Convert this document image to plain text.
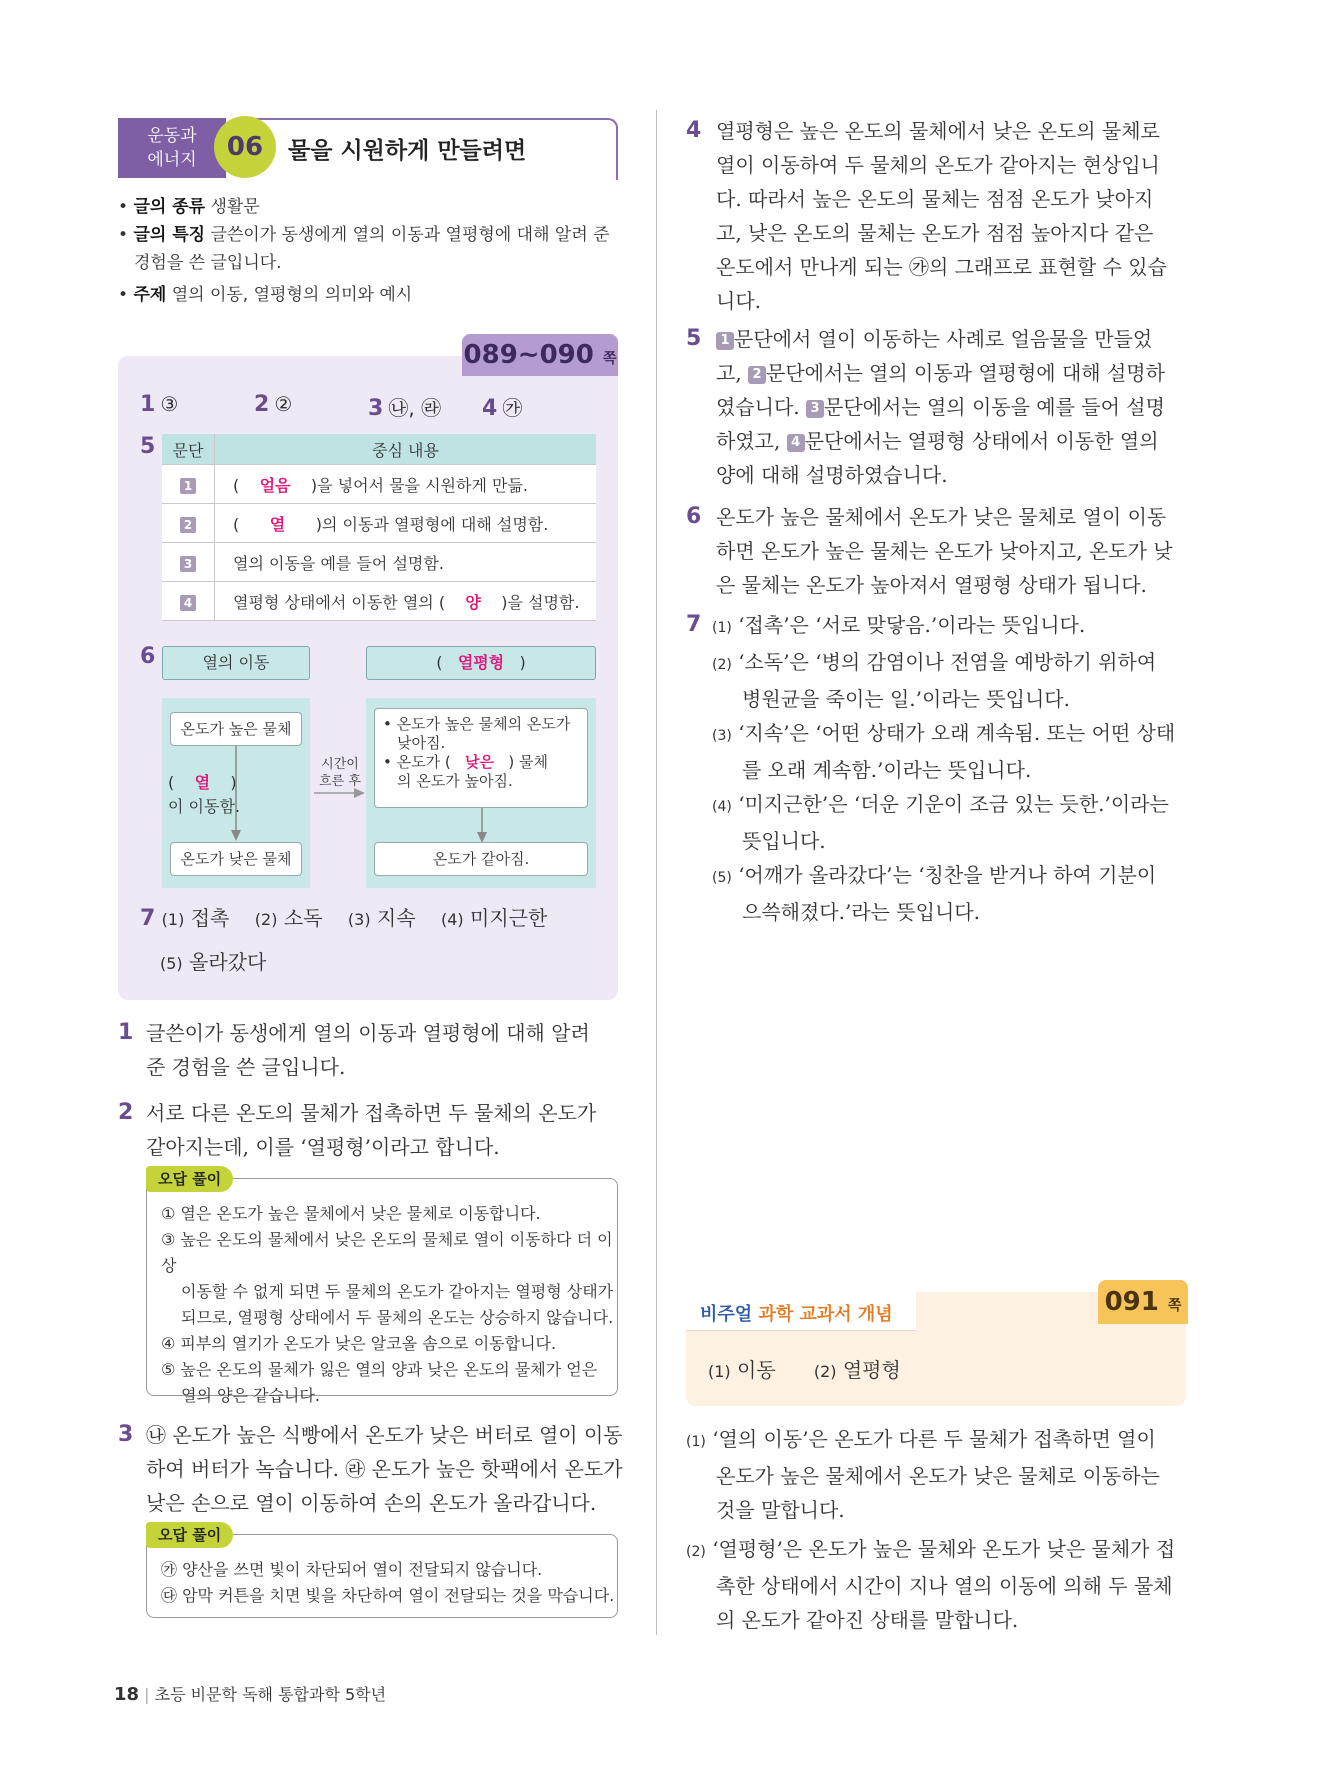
운동과
에너지	06	물을 시원하게 만들려면
• 글의 종류 생활문
• 글의 특징 글쓴이가 동생에게 열의 이동과 열평형에 대해 알려 준
경험을 쓴 글입니다.
• 주제 열의 이동, 열평형의 의미와 예시
089~090 쪽
1 ③	2 ②	3 ㉯, ㉱ 4 ㉮
5 문단	중심 내용
1	( 얼음 )을 넣어서 물을 시원하게 만듦.
2	( 열 )의 이동과 열평형에 대해 설명함.
3	열의 이동을 예를 들어 설명함.
4	열평형 상태에서 이동한 열의 ( 양 )을 설명함.
6	열의 이동	( 열평형 )
온도가 높은 물체
( 열 )
이 이동함.
온도가 낮은 물체
시간이
흐른 후
• 온도가 높은 물체의 온도가
낮아짐.
• 온도가 ( 낮은 ) 물체
의 온도가 높아짐.
온도가 같아짐.
7 (1) 접촉 (2) 소독 (3) 지속 (4) 미지근한
(5) 올라갔다
1 글쓴이가 동생에게 열의 이동과 열평형에 대해 알려
준 경험을 쓴 글입니다.
2 서로 다른 온도의 물체가 접촉하면 두 물체의 온도가
같아지는데, 이를 ‘열평형’이라고 합니다.
① 열은 온도가 높은 물체에서 낮은 물체로 이동합니다.
③ 높은 온도의 물체에서 낮은 온도의 물체로 열이 이동하다 더 이상
이동할 수 없게 되면 두 물체의 온도가 같아지는 열평형 상태가
되므로, 열평형 상태에서 두 물체의 온도는 상승하지 않습니다.
④ 피부의 열기가 온도가 낮은 알코올 솜으로 이동합니다.
⑤ 높은 온도의 물체가 잃은 열의 양과 낮은 온도의 물체가 얻은
열의 양은 같습니다.
오답 풀이
3 ㉯ 온도가 높은 식빵에서 온도가 낮은 버터로 열이 이동
하여 버터가 녹습니다. ㉱ 온도가 높은 핫팩에서 온도가
낮은 손으로 열이 이동하여 손의 온도가 올라갑니다.
㉮ 양산을 쓰면 빛이 차단되어 열이 전달되지 않습니다.
㉰ 암막 커튼을 치면 빛을 차단하여 열이 전달되는 것을 막습니다.
오답 풀이
4 열평형은 높은 온도의 물체에서 낮은 온도의 물체로
열이 이동하여 두 물체의 온도가 같아지는 현상입니
다. 따라서 높은 온도의 물체는 점점 온도가 낮아지
고, 낮은 온도의 물체는 온도가 점점 높아지다 같은
온도에서 만나게 되는 ㉮의 그래프로 표현할 수 있습
니다.
5	1 문단에서 열이 이동하는 사례로 얼음물을 만들었
고, 2 문단에서는 열의 이동과 열평형에 대해 설명하
였습니다. 3 문단에서는 열의 이동을 예를 들어 설명
하였고, 4 문단에서는 열평형 상태에서 이동한 열의
양에 대해 설명하였습니다.
6 온도가 높은 물체에서 온도가 낮은 물체로 열이 이동
하면 온도가 높은 물체는 온도가 낮아지고, 온도가 낮
은 물체는 온도가 높아져서 열평형 상태가 됩니다.
7 (1) ‘접촉’은 ‘서로 맞닿음.’이라는 뜻입니다.
(2) ‘소독’은 ‘병의 감염이나 전염을 예방하기 위하여
병원균을 죽이는 일.’이라는 뜻입니다.
(3) ‘지속’은 ‘어떤 상태가 오래 계속됨. 또는 어떤 상태
를 오래 계속함.’이라는 뜻입니다.
(4) ‘미지근한’은 ‘더운 기운이 조금 있는 듯한.’이라는
뜻입니다.
(5) ‘어깨가 올라갔다’는 ‘칭찬을 받거나 하여 기분이
으쓱해졌다.’라는 뜻입니다.
비주얼 과학 교과서 개념	091 쪽
(1) 이동 (2) 열평형
(1) ‘열의 이동’은 온도가 다른 두 물체가 접촉하면 열이
온도가 높은 물체에서 온도가 낮은 물체로 이동하는
것을 말합니다.
(2) ‘열평형’은 온도가 높은 물체와 온도가 낮은 물체가 접
촉한 상태에서 시간이 지나 열의 이동에 의해 두 물체
의 온도가 같아진 상태를 말합니다.
18 | 초등 비문학 독해 통합과학 5학년
